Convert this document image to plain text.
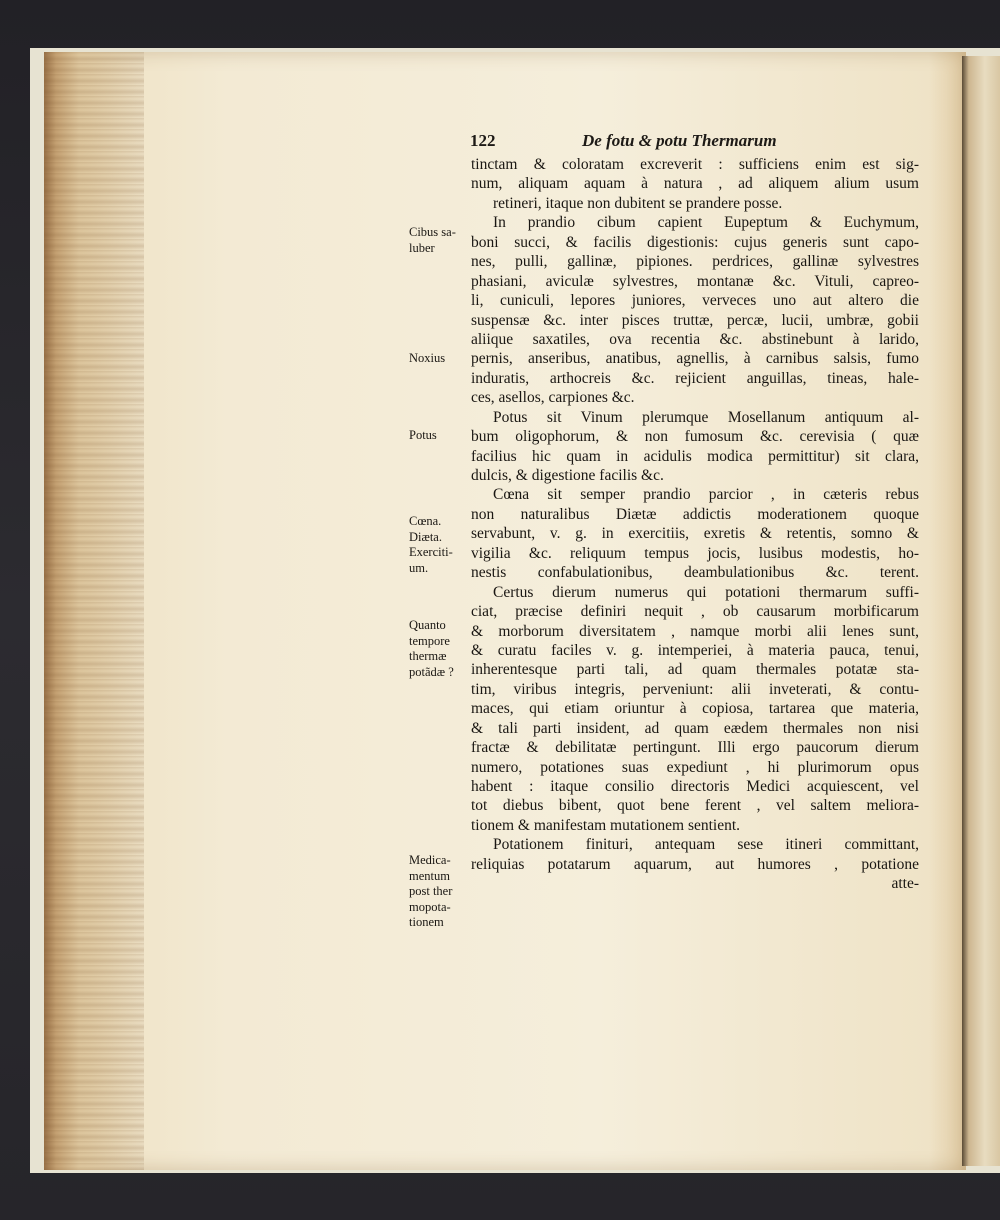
122	De fotu & potu Thermarum
tinctam & coloratam excreverit : sufficiens enim est sig-
num, aliquam aquam à natura , ad aliquem alium usum
retineri, itaque non dubitent se prandere posse.
In prandio cibum capient Eupeptum & Euchymum,
boni succi, & facilis digestionis: cujus generis sunt capo-
nes, pulli, gallinæ, pipiones. perdrices, gallinæ sylvestres
phasiani, aviculæ sylvestres, montanæ &c. Vituli, capreo-
li, cuniculi, lepores juniores, verveces uno aut altero die
suspensæ &c. inter pisces truttæ, percæ, lucii, umbræ, gobii
aliique saxatiles, ova recentia &c. abstinebunt à larido,
pernis, anseribus, anatibus, agnellis, à carnibus salsis, fumo
induratis, arthocreis &c. rejicient anguillas, tineas, hale-
ces, asellos, carpiones &c.
Potus sit Vinum plerumque Mosellanum antiquum al-
bum oligophorum, & non fumosum &c. cerevisia ( quæ
facilius hic quam in acidulis modica permittitur) sit clara,
dulcis, & digestione facilis &c.
Cœna sit semper prandio parcior , in cæteris rebus
non naturalibus Diætæ addictis moderationem quoque
servabunt, v. g. in exercitiis, exretis & retentis, somno &
vigilia &c. reliquum tempus jocis, lusibus modestis, ho-
nestis confabulationibus, deambulationibus &c. terent.
Certus dierum numerus qui potationi thermarum suffi-
ciat, præcise definiri nequit , ob causarum morbificarum
& morborum diversitatem , namque morbi alii lenes sunt,
& curatu faciles v. g. intemperiei, à materia pauca, tenui,
inherentesque parti tali, ad quam thermales potatæ sta-
tim, viribus integris, perveniunt: alii inveterati, & contu-
maces, qui etiam oriuntur à copiosa, tartarea que materia,
& tali parti insident, ad quam eædem thermales non nisi
fractæ & debilitatæ pertingunt. Illi ergo paucorum dierum
numero, potationes suas expediunt , hi plurimorum opus
habent : itaque consilio directoris Medici acquiescent, vel
tot diebus bibent, quot bene ferent , vel saltem meliora-
tionem & manifestam mutationem sentient.
Potationem finituri, antequam sese itineri committant,
reliquias potatarum aquarum, aut humores , potatione
atte-
Cibus sa-
luber
Noxius
Potus
Cœna.
Diæta.
Exerciti-
um.
Quanto
tempore
thermæ
potãdæ ?
Medica-
mentum
post ther
mopota-
tionem
